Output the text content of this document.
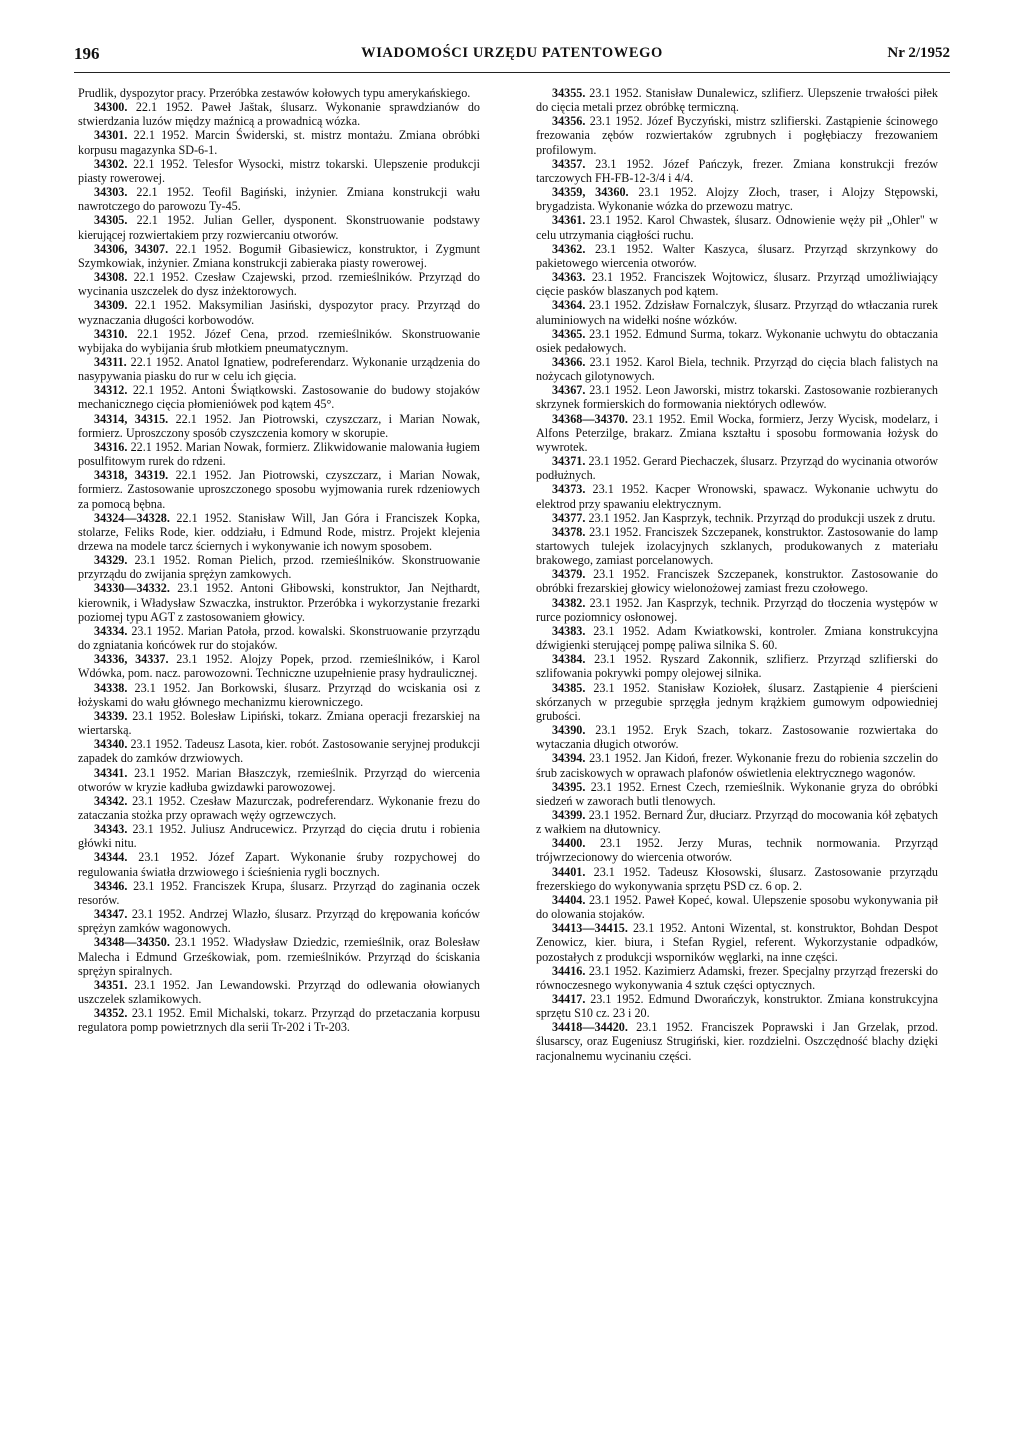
196	WIADOMOŚCI URZĘDU PATENTOWEGO	Nr 2/1952

Prudlik, dyspozytor pracy. Przeróbka zestawów kołowych typu amerykańskiego.

34300. 22.1 1952. Paweł Jaštak, ślusarz. Wykonanie sprawdzianów do stwierdzania luzów między maźnicą a prowadnicą wózka.

34301. 22.1 1952. Marcin Świderski, st. mistrz montażu. Zmiana obróbki korpusu magazynka SD-6-1.

34302. 22.1 1952. Telesfor Wysocki, mistrz tokarski. Ulepszenie produkcji piasty rowerowej.

34303. 22.1 1952. Teofil Bagiński, inżynier. Zmiana konstrukcji wału nawrotczego do parowozu Ty-45.

34305. 22.1 1952. Julian Geller, dysponent. Skonstruowanie podstawy kierującej rozwiertakiem przy rozwiercaniu otworów.

34306, 34307. 22.1 1952. Bogumił Gibasiewicz, konstruktor, i Zygmunt Szymkowiak, inżynier. Zmiana konstrukcji zabieraka piasty rowerowej.

34308. 22.1 1952. Czesław Czajewski, przod. rzemieślników. Przyrząd do wycinania uszczelek do dysz inżektorowych.

34309. 22.1 1952. Maksymilian Jasiński, dyspozytor pracy. Przyrząd do wyznaczania długości korbowodów.

34310. 22.1 1952. Józef Cena, przod. rzemieślników. Skonstruowanie wybijaka do wybijania śrub młotkiem pneumatycznym.

34311. 22.1 1952. Anatol Ignatiew, podreferendarz. Wykonanie urządzenia do nasypywania piasku do rur w celu ich gięcia.

34312. 22.1 1952. Antoni Świątkowski. Zastosowanie do budowy stojaków mechanicznego cięcia płomieniówek pod kątem 45°.

34314, 34315. 22.1 1952. Jan Piotrowski, czyszczarz, i Marian Nowak, formierz. Uproszczony sposób czyszczenia komory w skorupie.

34316. 22.1 1952. Marian Nowak, formierz. Zlikwidowanie malowania ługiem posulfitowym rurek do rdzeni.

34318, 34319. 22.1 1952. Jan Piotrowski, czyszczarz, i Marian Nowak, formierz. Zastosowanie uproszczonego sposobu wyjmowania rurek rdzeniowych za pomocą bębna.

34324—34328. 22.1 1952. Stanisław Will, Jan Góra i Franciszek Kopka, stolarze, Feliks Rode, kier. oddziału, i Edmund Rode, mistrz. Projekt klejenia drzewa na modele tarcz ściernych i wykonywanie ich nowym sposobem.

34329. 23.1 1952. Roman Pielich, przod. rzemieślników. Skonstruowanie przyrządu do zwijania sprężyn zamkowych.

34330—34332. 23.1 1952. Antoni Głibowski, konstruktor, Jan Nejthardt, kierownik, i Władysław Szwaczka, instruktor. Przeróbka i wykorzystanie frezarki poziomej typu AGT z zastosowaniem głowicy.

34334. 23.1 1952. Marian Patoła, przod. kowalski. Skonstruowanie przyrządu do zgniatania końcówek rur do stojaków.

34336, 34337. 23.1 1952. Alojzy Popek, przod. rzemieślników, i Karol Wdówka, pom. nacz. parowozowni. Techniczne uzupełnienie prasy hydraulicznej.

34338. 23.1 1952. Jan Borkowski, ślusarz. Przyrząd do wciskania osi z łożyskami do wału głównego mechanizmu kierowniczego.

34339. 23.1 1952. Bolesław Lipiński, tokarz. Zmiana operacji frezarskiej na wiertarską.

34340. 23.1 1952. Tadeusz Lasota, kier. robót. Zastosowanie seryjnej produkcji zapadek do zamków drzwiowych.

34341. 23.1 1952. Marian Błaszczyk, rzemieślnik. Przyrząd do wiercenia otworów w kryzie kadłuba gwizdawki parowozowej.

34342. 23.1 1952. Czesław Mazurczak, podreferendarz. Wykonanie frezu do zataczania stożka przy oprawach węży ogrzewczych.

34343. 23.1 1952. Juliusz Andrucewicz. Przyrząd do cięcia drutu i robienia główki nitu.

34344. 23.1 1952. Józef Zapart. Wykonanie śruby rozpychowej do regulowania światła drzwiowego i ścieśnienia rygli bocznych.

34346. 23.1 1952. Franciszek Krupa, ślusarz. Przyrząd do zaginania oczek resorów.

34347. 23.1 1952. Andrzej Wlazło, ślusarz. Przyrząd do krępowania końców sprężyn zamków wagonowych.

34348—34350. 23.1 1952. Władysław Dziedzic, rzemieślnik, oraz Bolesław Malecha i Edmund Grześkowiak, pom. rzemieślników. Przyrząd do ściskania sprężyn spiralnych.

34351. 23.1 1952. Jan Lewandowski. Przyrząd do odlewania ołowianych uszczelek szlamikowych.

34352. 23.1 1952. Emil Michalski, tokarz. Przyrząd do przetaczania korpusu regulatora pomp powietrznych dla serii Tr-202 i Tr-203.

34355. 23.1 1952. Stanisław Dunalewicz, szlifierz. Ulepszenie trwałości piłek do cięcia metali przez obróbkę termiczną.

34356. 23.1 1952. Józef Byczyński, mistrz szlifierski. Zastąpienie ścinowego frezowania zębów rozwiertaków zgrubnych i pogłębiaczy frezowaniem profilowym.

34357. 23.1 1952. Józef Pańczyk, frezer. Zmiana konstrukcji frezów tarczowych FH-FB-12-3/4 i 4/4.

34359, 34360. 23.1 1952. Alojzy Złoch, traser, i Alojzy Stępowski, brygadzista. Wykonanie wózka do przewozu matryc.

34361. 23.1 1952. Karol Chwastek, ślusarz. Odnowienie węży pił „Ohler" w celu utrzymania ciągłości ruchu.

34362. 23.1 1952. Walter Kaszyca, ślusarz. Przyrząd skrzynkowy do pakietowego wiercenia otworów.

34363. 23.1 1952. Franciszek Wojtowicz, ślusarz. Przyrząd umożliwiający cięcie pasków blaszanych pod kątem.

34364. 23.1 1952. Zdzisław Fornalczyk, ślusarz. Przyrząd do wtłaczania rurek aluminiowych na widełki nośne wózków.

34365. 23.1 1952. Edmund Surma, tokarz. Wykonanie uchwytu do obtaczania osiek pedałowych.

34366. 23.1 1952. Karol Biela, technik. Przyrząd do cięcia blach falistych na nożycach gilotynowych.

34367. 23.1 1952. Leon Jaworski, mistrz tokarski. Zastosowanie rozbieranych skrzynek formierskich do formowania niektórych odlewów.

34368—34370. 23.1 1952. Emil Wocka, formierz, Jerzy Wycisk, modelarz, i Alfons Peterzilge, brakarz. Zmiana kształtu i sposobu formowania łożysk do wywrotek.

34371. 23.1 1952. Gerard Piechaczek, ślusarz. Przyrząd do wycinania otworów podłużnych.

34373. 23.1 1952. Kacper Wronowski, spawacz. Wykonanie uchwytu do elektrod przy spawaniu elektrycznym.

34377. 23.1 1952. Jan Kasprzyk, technik. Przyrząd do produkcji uszek z drutu.

34378. 23.1 1952. Franciszek Szczepanek, konstruktor. Zastosowanie do lamp startowych tulejek izolacyjnych szklanych, produkowanych z materiału brakowego, zamiast porcelanowych.

34379. 23.1 1952. Franciszek Szczepanek, konstruktor. Zastosowanie do obróbki frezarskiej głowicy wielonożowej zamiast frezu czołowego.

34382. 23.1 1952. Jan Kasprzyk, technik. Przyrząd do tłoczenia występów w rurce poziomnicy osłonowej.

34383. 23.1 1952. Adam Kwiatkowski, kontroler. Zmiana konstrukcyjna dźwigienki sterującej pompę paliwa silnika S. 60.

34384. 23.1 1952. Ryszard Zakonnik, szlifierz. Przyrząd szlifierski do szlifowania pokrywki pompy olejowej silnika.

34385. 23.1 1952. Stanisław Koziołek, ślusarz. Zastąpienie 4 pierścieni skórzanych w przegubie sprzęgła jednym krążkiem gumowym odpowiedniej grubości.

34390. 23.1 1952. Eryk Szach, tokarz. Zastosowanie rozwiertaka do wytaczania długich otworów.

34394. 23.1 1952. Jan Kidoń, frezer. Wykonanie frezu do robienia szczelin do śrub zaciskowych w oprawach plafonów oświetlenia elektrycznego wagonów.

34395. 23.1 1952. Ernest Czech, rzemieślnik. Wykonanie gryza do obróbki siedzeń w zaworach butli tlenowych.

34399. 23.1 1952. Bernard Żur, dłuciarz. Przyrząd do mocowania kół zębatych z wałkiem na dłutownicy.

34400. 23.1 1952. Jerzy Muras, technik normowania. Przyrząd trójwrzecionowy do wiercenia otworów.

34401. 23.1 1952. Tadeusz Kłosowski, ślusarz. Zastosowanie przyrządu frezerskiego do wykonywania sprzętu PSD cz. 6 op. 2.

34404. 23.1 1952. Paweł Kopeć, kowal. Ulepszenie sposobu wykonywania pił do olowania stojaków.

34413—34415. 23.1 1952. Antoni Wizental, st. konstruktor, Bohdan Despot Zenowicz, kier. biura, i Stefan Rygiel, referent. Wykorzystanie odpadków, pozostałych z produkcji wsporników węglarki, na inne części.

34416. 23.1 1952. Kazimierz Adamski, frezer. Specjalny przyrząd frezerski do równoczesnego wykonywania 4 sztuk części optycznych.

34417. 23.1 1952. Edmund Dworańczyk, konstruktor. Zmiana konstrukcyjna sprzętu S10 cz. 23 i 20.

34418—34420. 23.1 1952. Franciszek Poprawski i Jan Grzelak, przod. ślusarscy, oraz Eugeniusz Strugiński, kier. rozdzielni. Oszczędność blachy dzięki racjonalnemu wycinaniu części.
